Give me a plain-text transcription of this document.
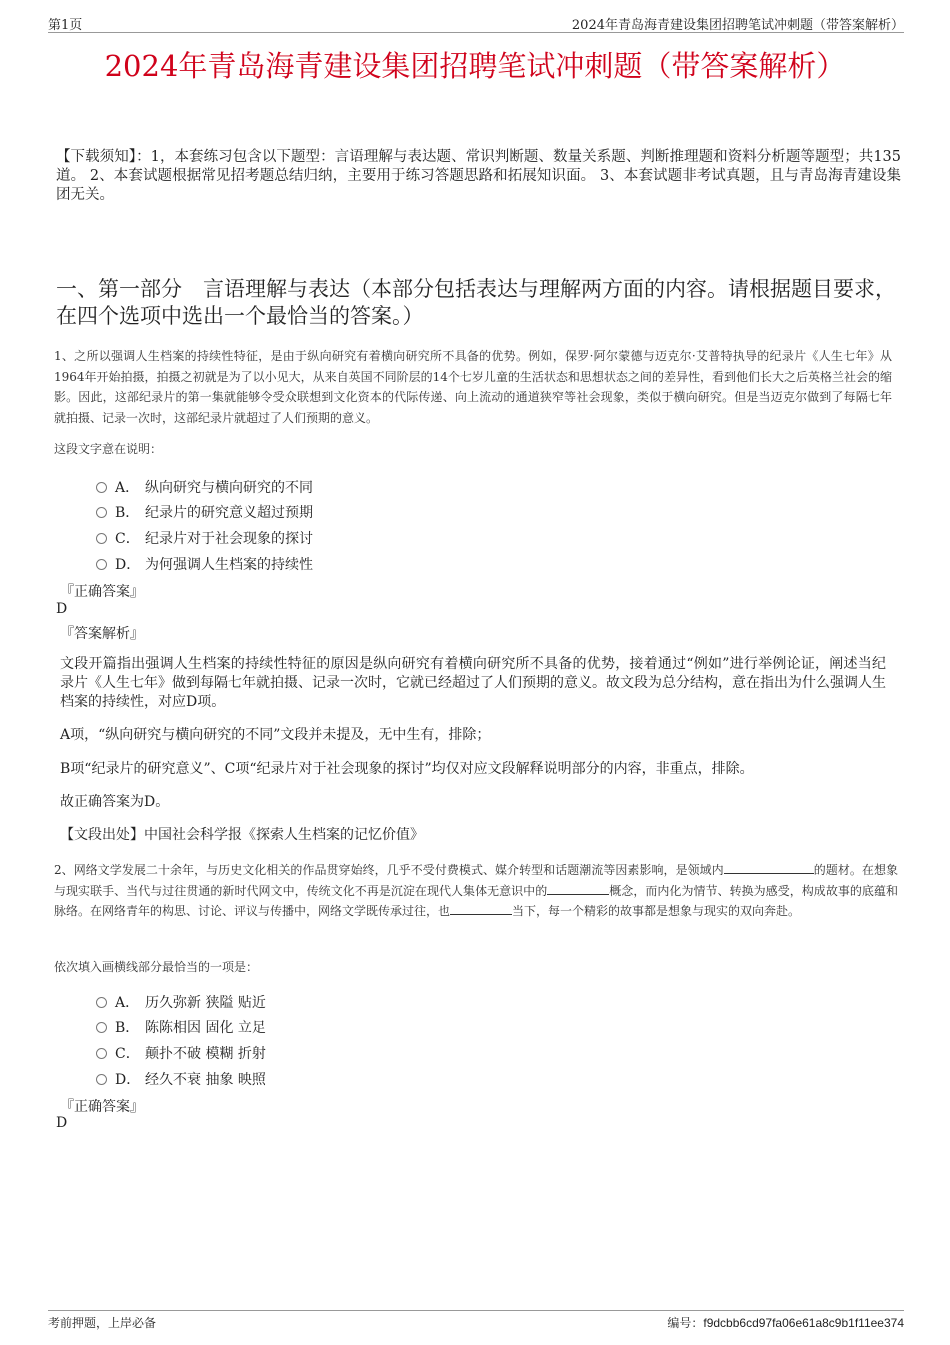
第1页	2024年青岛海青建设集团招聘笔试冲刺题（带答案解析）
2024年青岛海青建设集团招聘笔试冲刺题（带答案解析）
【下载须知】：1，本套练习包含以下题型：言语理解与表达题、常识判断题、数量关系题、判断推理题和资料分析题等题型；共135道。 2、本套试题根据常见招考题总结归纳，主要用于练习答题思路和拓展知识面。 3、本套试题非考试真题，且与青岛海青建设集团无关。
一、第一部分　言语理解与表达（本部分包括表达与理解两方面的内容。请根据题目要求，在四个选项中选出一个最恰当的答案。）
1、之所以强调人生档案的持续性特征，是由于纵向研究有着横向研究所不具备的优势。例如，保罗·阿尔蒙德与迈克尔·艾普特执导的纪录片《人生七年》从1964年开始拍摄，拍摄之初就是为了以小见大，从来自英国不同阶层的14个七岁儿童的生活状态和思想状态之间的差异性，看到他们长大之后英格兰社会的缩影。因此，这部纪录片的第一集就能够令受众联想到文化资本的代际传递、向上流动的通道狭窄等社会现象，类似于横向研究。但是当迈克尔做到了每隔七年就拍摄、记录一次时，这部纪录片就超过了人们预期的意义。
这段文字意在说明：
A． 纵向研究与横向研究的不同
B． 纪录片的研究意义超过预期
C． 纪录片对于社会现象的探讨
D． 为何强调人生档案的持续性
『正确答案』
D
『答案解析』
文段开篇指出强调人生档案的持续性特征的原因是纵向研究有着横向研究所不具备的优势，接着通过“例如”进行举例论证，阐述当纪录片《人生七年》做到每隔七年就拍摄、记录一次时，它就已经超过了人们预期的意义。故文段为总分结构，意在指出为什么强调人生档案的持续性，对应D项。
A项，“纵向研究与横向研究的不同”文段并未提及，无中生有，排除；
B项“纪录片的研究意义”、C项“纪录片对于社会现象的探讨”均仅对应文段解释说明部分的内容，非重点，排除。
故正确答案为D。
【文段出处】中国社会科学报《探索人生档案的记忆价值》
2、网络文学发展二十余年，与历史文化相关的作品贯穿始终，几乎不受付费模式、媒介转型和话题潮流等因素影响，是领域内	的题材。在想象与现实联手、当代与过往贯通的新时代网文中，传统文化不再是沉淀在现代人集体无意识中的	概念，而内化为情节、转换为感受，构成故事的底蕴和脉络。在网络青年的构思、讨论、评议与传播中，网络文学既传承过往，也	当下，每一个精彩的故事都是想象与现实的双向奔赴。
依次填入画横线部分最恰当的一项是：
A． 历久弥新 狭隘 贴近
B． 陈陈相因 固化 立足
C． 颠扑不破 模糊 折射
D． 经久不衰 抽象 映照
『正确答案』
D
考前押题，上岸必备	编号：f9dcbb6cd97fa06e61a8c9b1f11ee374
